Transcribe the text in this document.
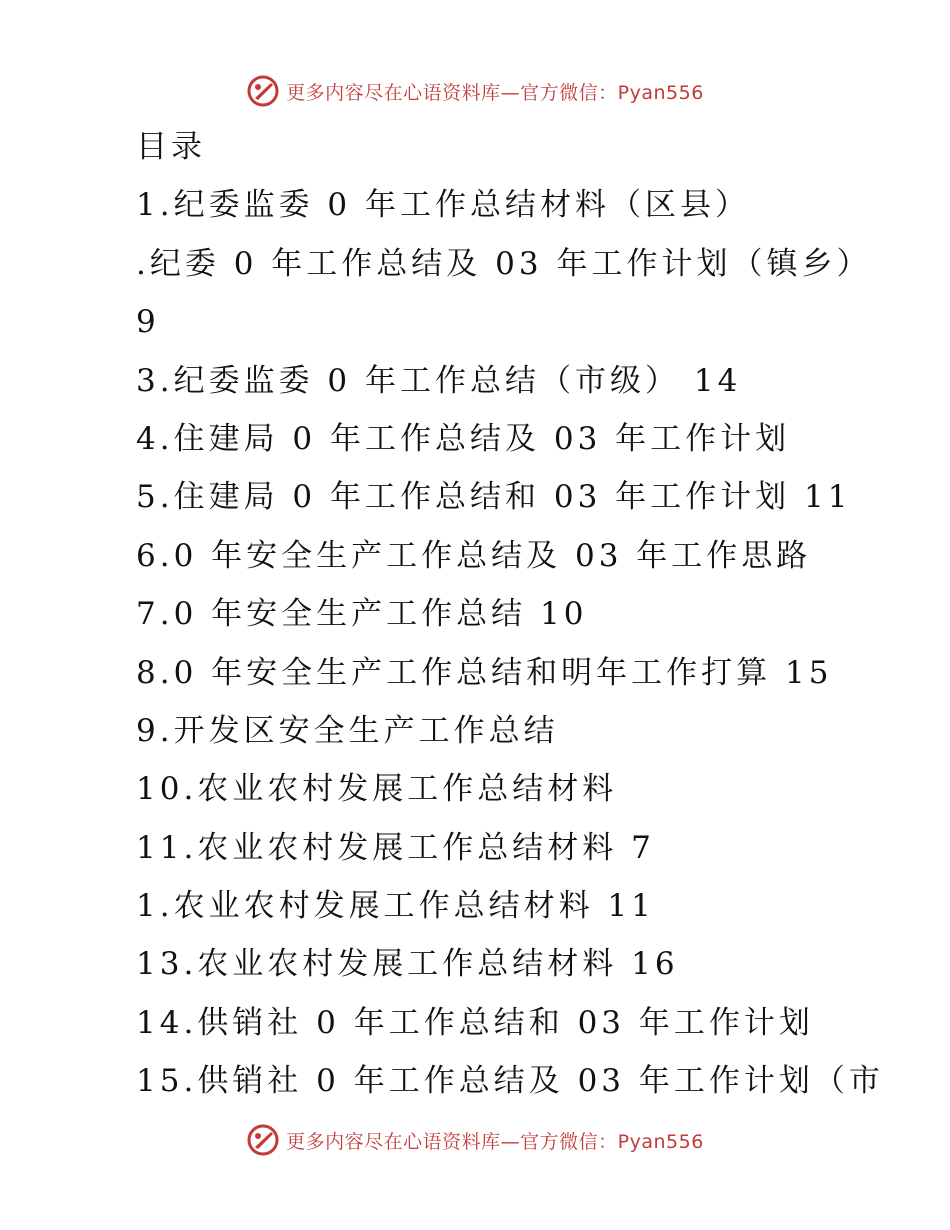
更多内容尽在心语资料库—官方微信：Pyan556
目录
1.纪委监委 0 年工作总结材料（区县）
.纪委 0 年工作总结及 03 年工作计划（镇乡）
9
3.纪委监委 0 年工作总结（市级） 14
4.住建局 0 年工作总结及 03 年工作计划
5.住建局 0 年工作总结和 03 年工作计划 11
6.0 年安全生产工作总结及 03 年工作思路
7.0 年安全生产工作总结 10
8.0 年安全生产工作总结和明年工作打算 15
9.开发区安全生产工作总结
10.农业农村发展工作总结材料
11.农业农村发展工作总结材料 7
1.农业农村发展工作总结材料 11
13.农业农村发展工作总结材料 16
14.供销社 0 年工作总结和 03 年工作计划
15.供销社 0 年工作总结及 03 年工作计划（市
更多内容尽在心语资料库—官方微信：Pyan556
